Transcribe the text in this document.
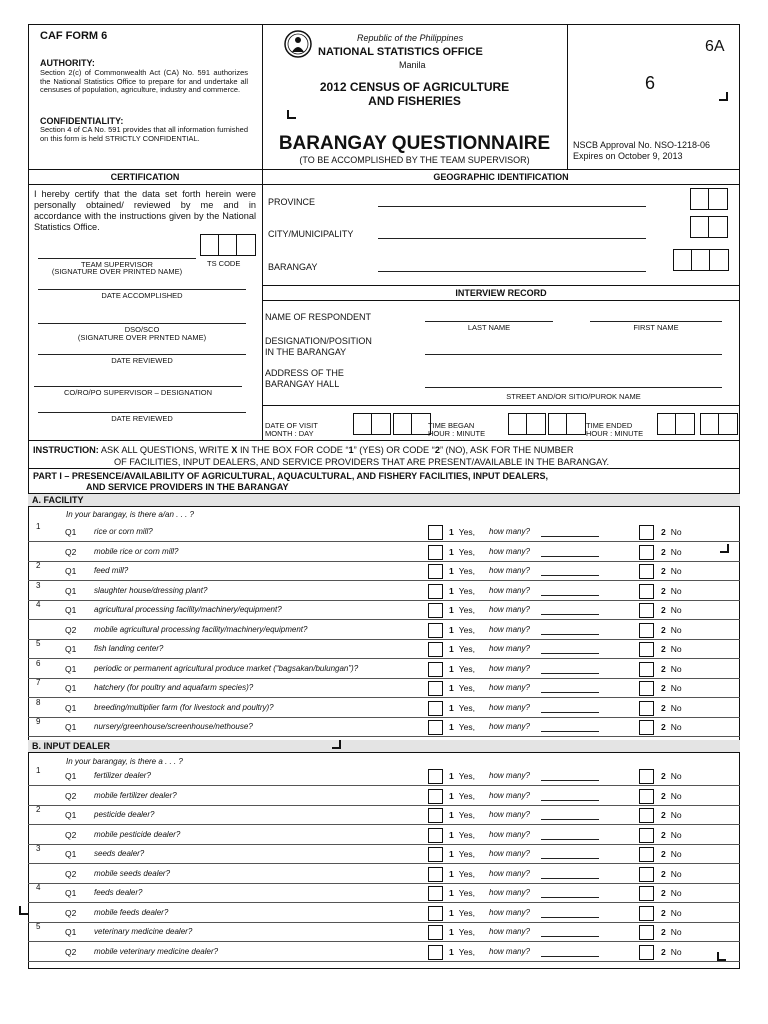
CAF FORM 6
AUTHORITY:
Section 2(c) of Commonwealth Act (CA) No. 591 authorizes the National Statistics Office to prepare for and undertake all censuses of population, agriculture, industry and commerce.
CONFIDENTIALITY:
Section 4 of CA No. 591 provides that all information furnished on this form is held STRICTLY CONFIDENTIAL.
Republic of the Philippines
NATIONAL STATISTICS OFFICE
Manila
2012 CENSUS OF AGRICULTURE
AND FISHERIES
BARANGAY QUESTIONNAIRE
(TO BE ACCOMPLISHED BY THE TEAM SUPERVISOR)
6A
6
NSCB Approval No. NSO-1218-06
Expires on October 9, 2013
CERTIFICATION	GEOGRAPHIC IDENTIFICATION
I hereby certify that the data set forth herein were personally obtained/ reviewed by me and in accordance with the instructions given by the National Statistics Office.
TEAM SUPERVISOR	TS CODE
(SIGNATURE OVER PRINTED NAME)
DATE ACCOMPLISHED
DSO/SCO
(SIGNATURE OVER PRNTED NAME)
DATE REVIEWED
CO/RO/PO SUPERVISOR – DESIGNATION
DATE REVIEWED
PROVINCE
CITY/MUNICIPALITY
BARANGAY
INTERVIEW RECORD
NAME OF RESPONDENT
LAST NAME	FIRST NAME
DESIGNATION/POSITION
IN THE BARANGAY
ADDRESS OF THE
BARANGAY HALL
STREET AND/OR SITIO/PUROK NAME
DATE OF VISIT
MONTH : DAY
TIME BEGAN
HOUR : MINUTE
TIME ENDED
HOUR : MINUTE
INSTRUCTION: ASK ALL QUESTIONS, WRITE X IN THE BOX FOR CODE “1” (YES) OR CODE “2” (NO), ASK FOR THE NUMBER
OF FACILITIES, INPUT DEALERS, AND SERVICE PROVIDERS THAT ARE PRESENT/AVAILABLE IN THE BARANGAY.
PART I – PRESENCE/AVAILABILITY OF AGRICULTURAL, AQUACULTURAL, AND FISHERY FACILITIES, INPUT DEALERS,
AND SERVICE PROVIDERS IN THE BARANGAY
A. FACILITY
In your barangay, is there a/an . . . ?
1
Q1 rice or corn mill?	1 Yes, how many?	2 No
Q2 mobile rice or corn mill?	1 Yes, how many?	2 No
2
Q1 feed mill?	1 Yes, how many?	2 No
3
Q1 slaughter house/dressing plant?	1 Yes, how many?	2 No
4
Q1 agricultural processing facility/machinery/equipment?	1 Yes, how many?	2 No
Q2 mobile agricultural processing facility/machinery/equipment?	1 Yes, how many?	2 No
5
Q1 fish landing center?	1 Yes, how many?	2 No
6
Q1 periodic or permanent agricultural produce market (“bagsakan/bulungan”)?	1 Yes, how many?	2 No
7
Q1 hatchery (for poultry and aquafarm species)?	1 Yes, how many?	2 No
8
Q1 breeding/multiplier farm (for livestock and poultry)?	1 Yes, how many?	2 No
9
Q1 nursery/greenhouse/screenhouse/nethouse?	1 Yes, how many?	2 No
B. INPUT DEALER
In your barangay, is there a . . . ?
1
Q1 fertilizer dealer?	1 Yes, how many?	2 No
Q2 mobile fertilizer dealer?	1 Yes, how many?	2 No
2
Q1 pesticide dealer?	1 Yes, how many?	2 No
Q2 mobile pesticide dealer?	1 Yes, how many?	2 No
3
Q1 seeds dealer?	1 Yes, how many?	2 No
Q2 mobile seeds dealer?	1 Yes, how many?	2 No
4
Q1 feeds dealer?	1 Yes, how many?	2 No
Q2 mobile feeds dealer?	1 Yes, how many?	2 No
5
Q1 veterinary medicine dealer?	1 Yes, how many?	2 No
Q2 mobile veterinary medicine dealer?	1 Yes, how many?	2 No
